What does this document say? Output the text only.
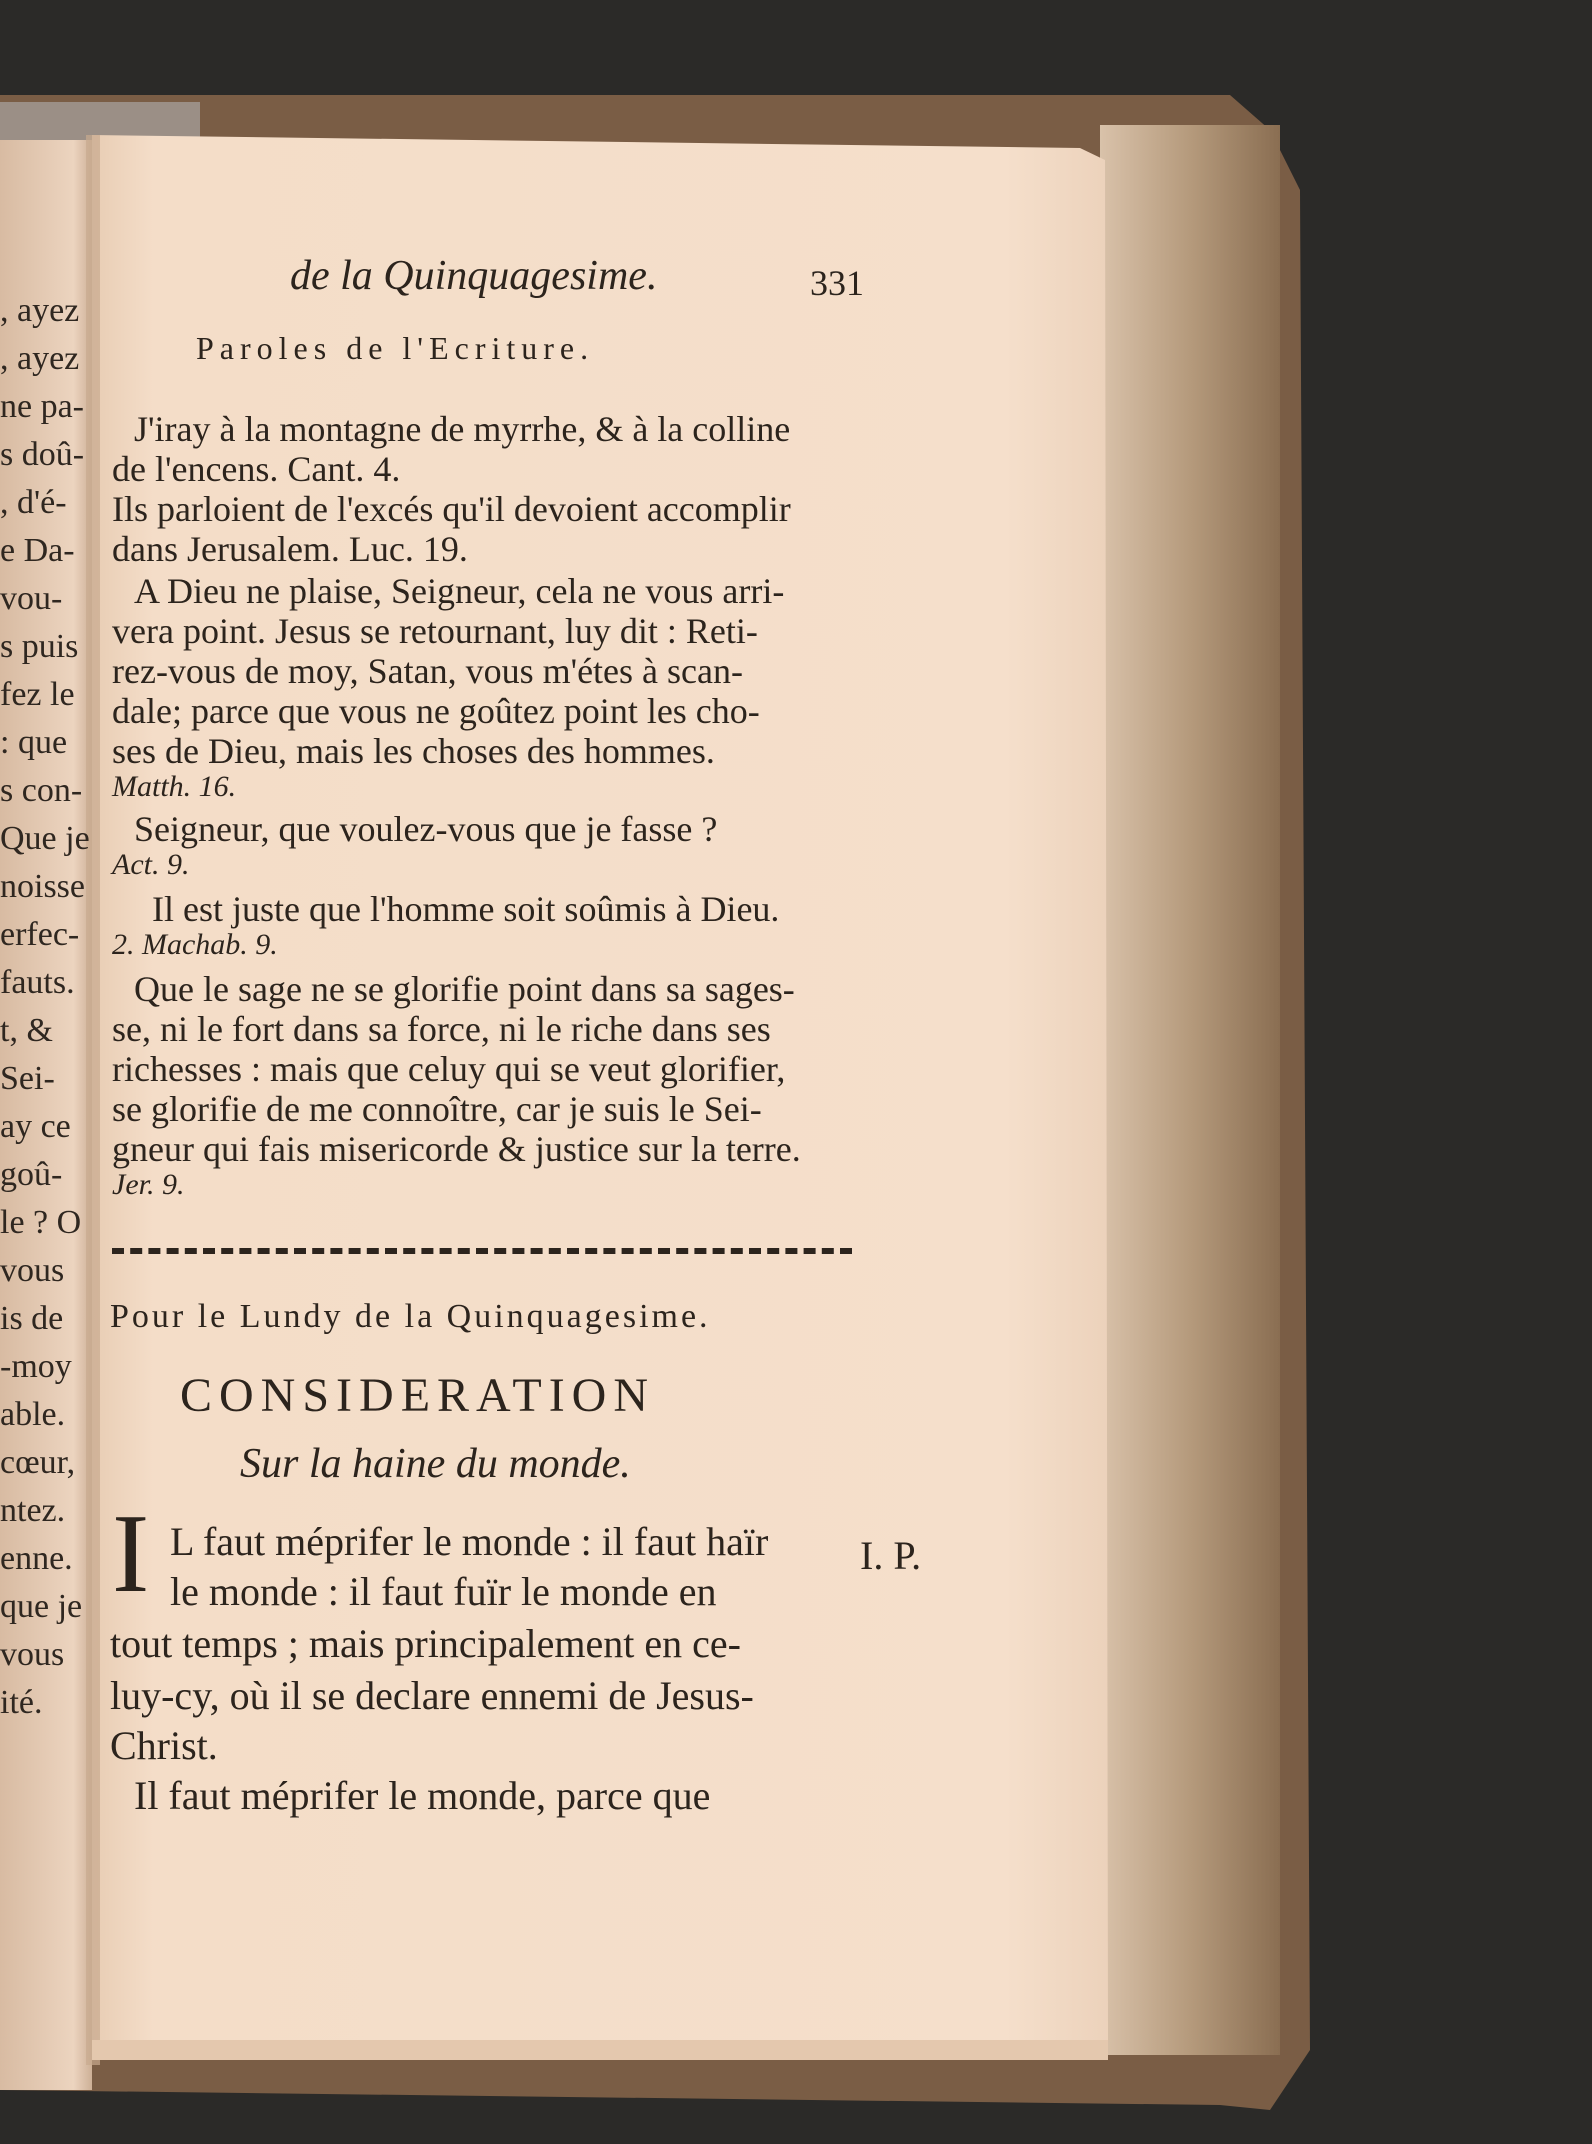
, ayez
, ayez
ne pa-
s doû-
, d'é-
e Da-
vou-
s puis
fez le
: que
s con-
Que je
noisse
erfec-
fauts.
t, &
Sei-
ay ce
goû-
le ? O
vous
is de
-moy
able.
cœur,
ntez.
enne.
que je
vous
ité.
de la Quinquagesime.	331
Paroles de l'Ecriture.
J'iray à la montagne de myrrhe, & à la colline
de l'encens. Cant. 4.
Ils parloient de l'excés qu'il devoient accomplir
dans Jerusalem. Luc. 19.
A Dieu ne plaise, Seigneur, cela ne vous arri-
vera point. Jesus se retournant, luy dit : Reti-
rez-vous de moy, Satan, vous m'étes à scan-
dale; parce que vous ne goûtez point les cho-
ses de Dieu, mais les choses des hommes.
Matth. 16.
Seigneur, que voulez-vous que je fasse ?
Act. 9.
Il est juste que l'homme soit soûmis à Dieu.
2. Machab. 9.
Que le sage ne se glorifie point dans sa sages-
se, ni le fort dans sa force, ni le riche dans ses
richesses : mais que celuy qui se veut glorifier,
se glorifie de me connoître, car je suis le Sei-
gneur qui fais misericorde & justice sur la terre.
Jer. 9.
Pour le Lundy de la Quinquagesime.
CONSIDERATION
Sur la haine du monde.
I L faut méprifer le monde : il faut haïr
le monde : il faut fuïr le monde en
tout temps ; mais principalement en ce-
luy-cy, où il se declare ennemi de Jesus-
Christ.
Il faut méprifer le monde, parce que
I. P.
